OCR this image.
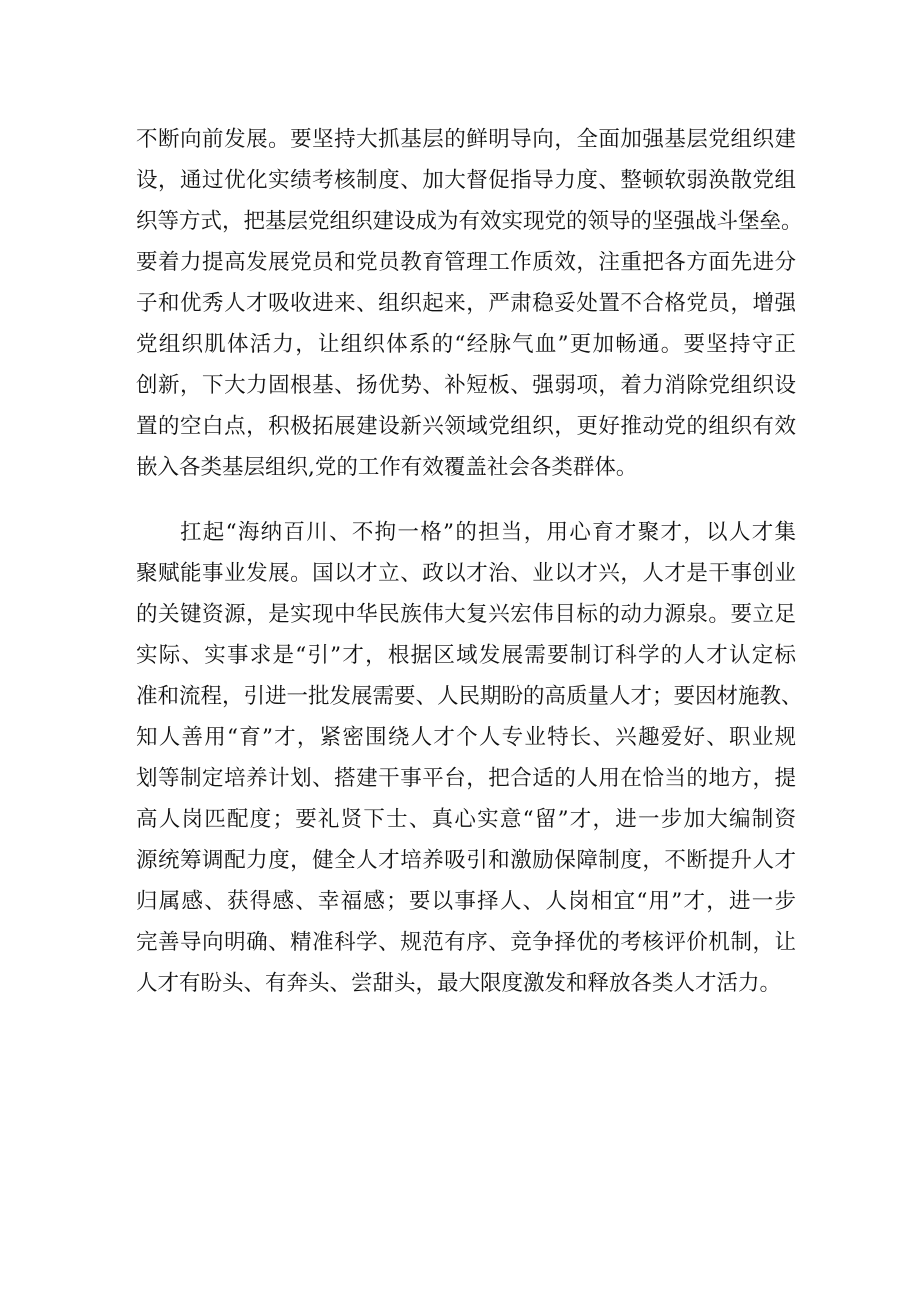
不断向前发展。要坚持大抓基层的鲜明导向，全面加强基层党组织建
设，通过优化实绩考核制度、加大督促指导力度、整顿软弱涣散党组
织等方式，把基层党组织建设成为有效实现党的领导的坚强战斗堡垒。
要着力提高发展党员和党员教育管理工作质效，注重把各方面先进分
子和优秀人才吸收进来、组织起来，严肃稳妥处置不合格党员，增强
党组织肌体活力，让组织体系的“经脉气血”更加畅通。要坚持守正
创新，下大力固根基、扬优势、补短板、强弱项，着力消除党组织设
置的空白点，积极拓展建设新兴领域党组织，更好推动党的组织有效
嵌入各类基层组织,党的工作有效覆盖社会各类群体。
扛起“海纳百川、不拘一格”的担当，用心育才聚才，以人才集
聚赋能事业发展。国以才立、政以才治、业以才兴，人才是干事创业
的关键资源，是实现中华民族伟大复兴宏伟目标的动力源泉。要立足
实际、实事求是“引”才，根据区域发展需要制订科学的人才认定标
准和流程，引进一批发展需要、人民期盼的高质量人才；要因材施教、
知人善用“育”才，紧密围绕人才个人专业特长、兴趣爱好、职业规
划等制定培养计划、搭建干事平台，把合适的人用在恰当的地方，提
高人岗匹配度；要礼贤下士、真心实意“留”才，进一步加大编制资
源统筹调配力度，健全人才培养吸引和激励保障制度，不断提升人才
归属感、获得感、幸福感；要以事择人、人岗相宜“用”才，进一步
完善导向明确、精准科学、规范有序、竞争择优的考核评价机制，让
人才有盼头、有奔头、尝甜头，最大限度激发和释放各类人才活力。
